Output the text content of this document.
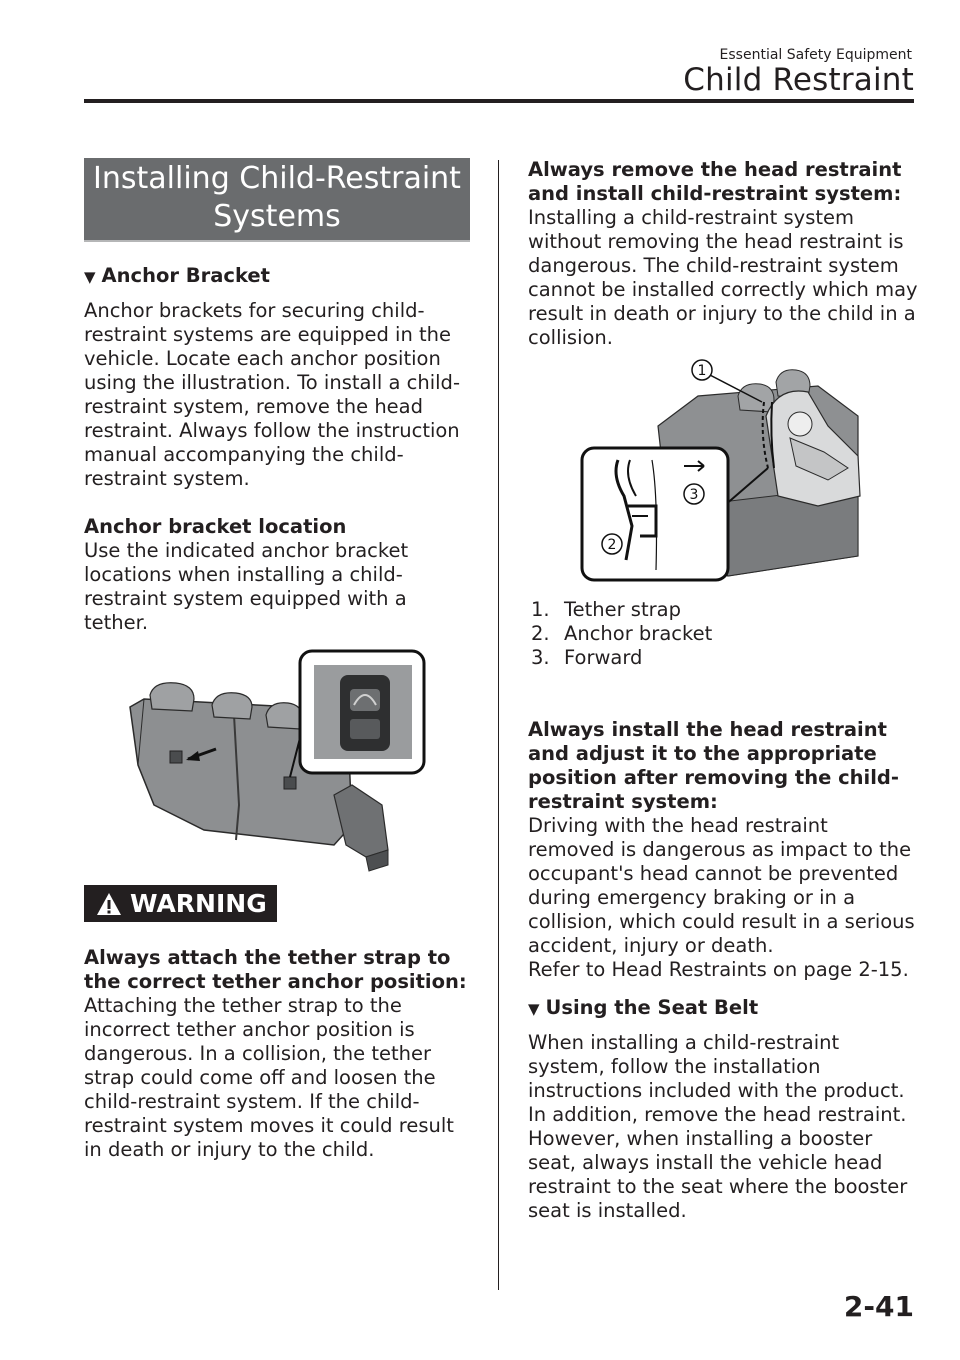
Essential Safety Equipment
Child Restraint
Installing Child-Restraint Systems
▼ Anchor Bracket

Anchor brackets for securing child-restraint systems are equipped in the vehicle. Locate each anchor position using the illustration. To install a child-restraint system, remove the head restraint. Always follow the instruction manual accompanying the child-restraint system.

Anchor bracket location

Use the indicated anchor bracket locations when installing a child-restraint system equipped with a tether.

WARNING

Always attach the tether strap to the correct tether anchor position:

Attaching the tether strap to the incorrect tether anchor position is dangerous. In a collision, the tether strap could come off and loosen the child-restraint system. If the child-restraint system moves it could result in death or injury to the child.

Always remove the head restraint and install child-restraint system:

Installing a child-restraint system without removing the head restraint is dangerous. The child-restraint system cannot be installed correctly which may result in death or injury to the child in a collision.

1
3
2
1. Tether strap
2. Anchor bracket
3. Forward

Always install the head restraint and adjust it to the appropriate position after removing the child-restraint system:

Driving with the head restraint removed is dangerous as impact to the occupant's head cannot be prevented during emergency braking or in a collision, which could result in a serious accident, injury or death.

Refer to Head Restraints on page 2-15.

▼ Using the Seat Belt

When installing a child-restraint system, follow the installation instructions included with the product. In addition, remove the head restraint. However, when installing a booster seat, always install the vehicle head restraint to the seat where the booster seat is installed.

2-41
